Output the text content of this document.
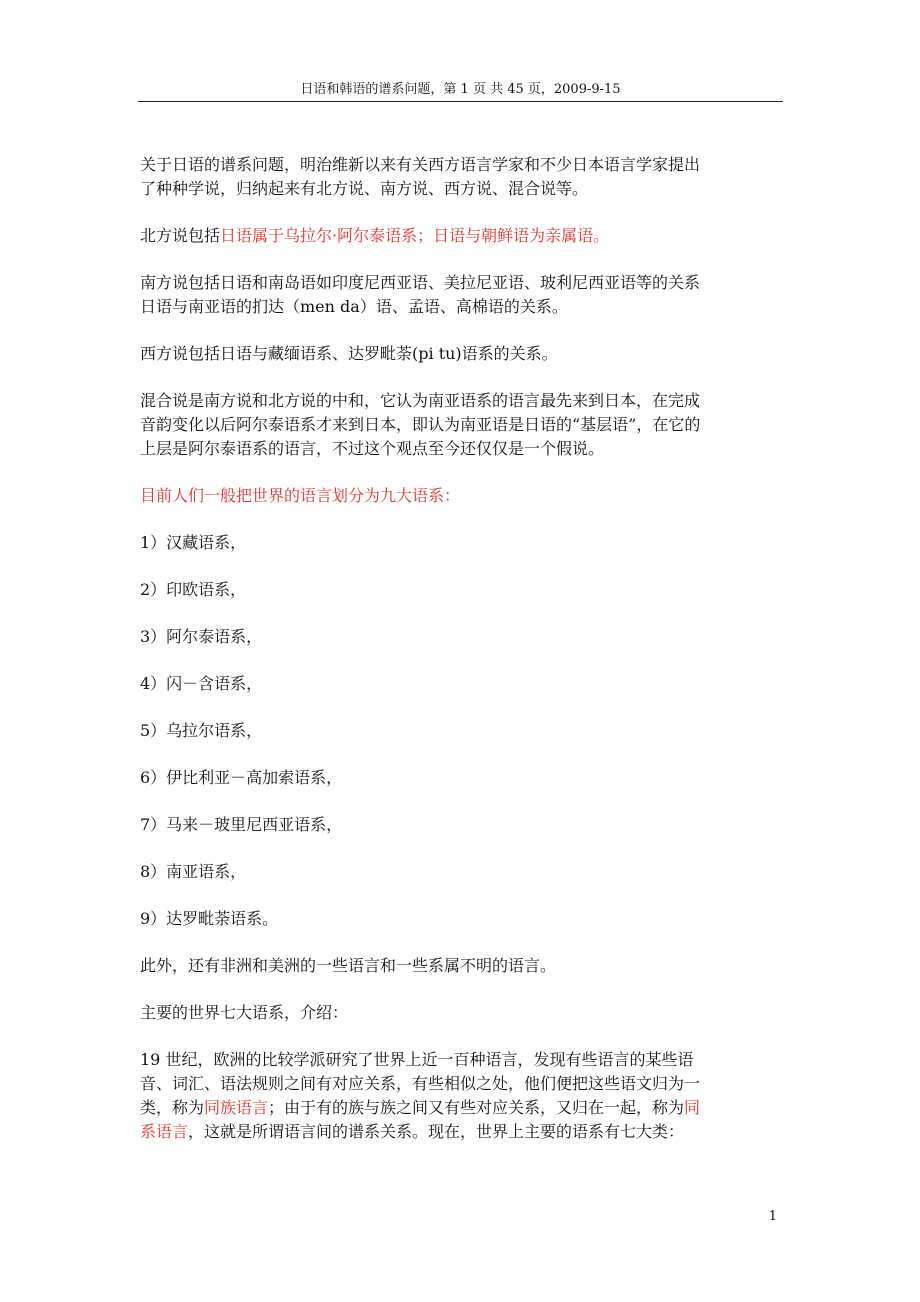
日语和韩语的谱系问题，第 1 页 共 45 页，2009-9-15

关于日语的谱系问题，明治维新以来有关西方语言学家和不少日本语言学家提出

了种种学说，归纳起来有北方说、南方说、西方说、混合说等。

北方说包括日语属于乌拉尔·阿尔泰语系；日语与朝鲜语为亲属语。

南方说包括日语和南岛语如印度尼西亚语、美拉尼亚语、玻利尼西亚语等的关系

日语与南亚语的扪达（men da）语、孟语、高棉语的关系。

西方说包括日语与藏缅语系、达罗毗荼(pi tu)语系的关系。

混合说是南方说和北方说的中和，它认为南亚语系的语言最先来到日本，在完成

音韵变化以后阿尔泰语系才来到日本，即认为南亚语是日语的“基层语”，在它的

上层是阿尔泰语系的语言，不过这个观点至今还仅仅是一个假说。

目前人们一般把世界的语言划分为九大语系：

1）汉藏语系，

2）印欧语系，

3）阿尔泰语系，

4）闪－含语系，

5）乌拉尔语系，

6）伊比利亚－高加索语系，

7）马来－玻里尼西亚语系，

8）南亚语系，

9）达罗毗荼语系。

此外，还有非洲和美洲的一些语言和一些系属不明的语言。

主要的世界七大语系，介绍：

19 世纪，欧洲的比较学派研究了世界上近一百种语言，发现有些语言的某些语

音、词汇、语法规则之间有对应关系，有些相似之处，他们便把这些语文归为一

类，称为同族语言；由于有的族与族之间又有些对应关系，又归在一起，称为同

系语言，这就是所谓语言间的谱系关系。现在，世界上主要的语系有七大类：

1
